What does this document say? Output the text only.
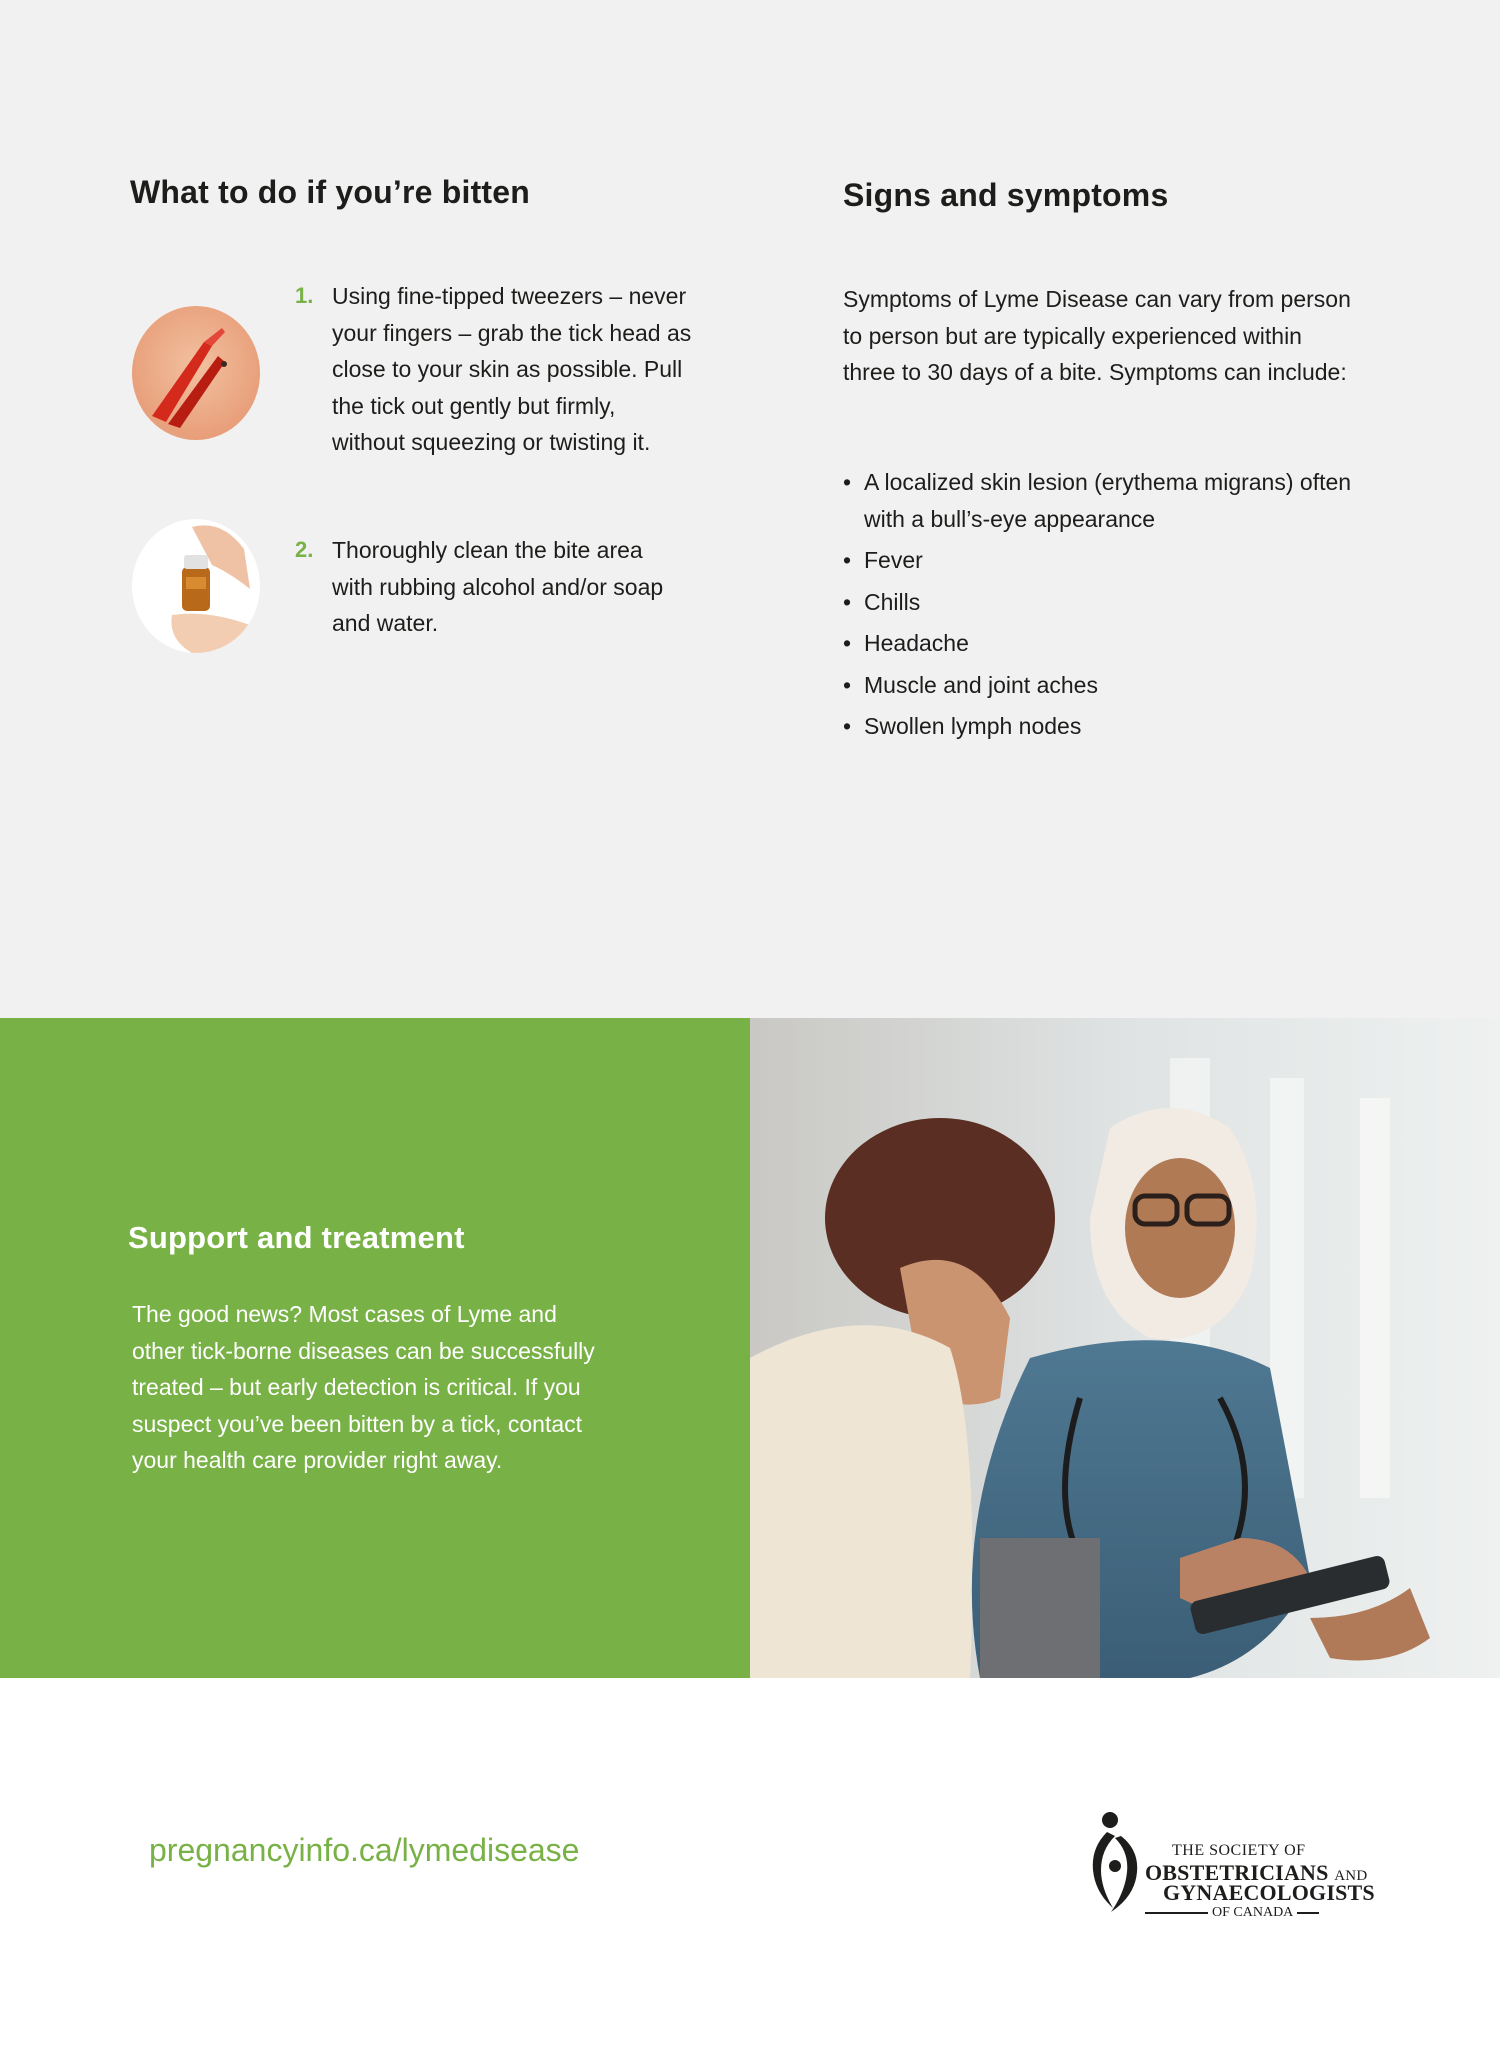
What to do if you’re bitten
1. Using fine-tipped tweezers – never
your fingers – grab the tick head as
close to your skin as possible. Pull
the tick out gently but firmly,
without squeezing or twisting it.
2. Thoroughly clean the bite area
with rubbing alcohol and/or soap
and water.
Signs and symptoms
Symptoms of Lyme Disease can vary from person
to person but are typically experienced within
three to 30 days of a bite. Symptoms can include:
• A localized skin lesion (erythema migrans) often
with a bull’s-eye appearance
• Fever
• Chills
• Headache
• Muscle and joint aches
• Swollen lymph nodes
Support and treatment
The good news? Most cases of Lyme and
other tick-borne diseases can be successfully
treated – but early detection is critical. If you
suspect you’ve been bitten by a tick, contact
your health care provider right away.
pregnancyinfo.ca/lymedisease	THE SOCIETY OF
OBSTETRICIANS AND
GYNAECOLOGISTS
OF CANADA
